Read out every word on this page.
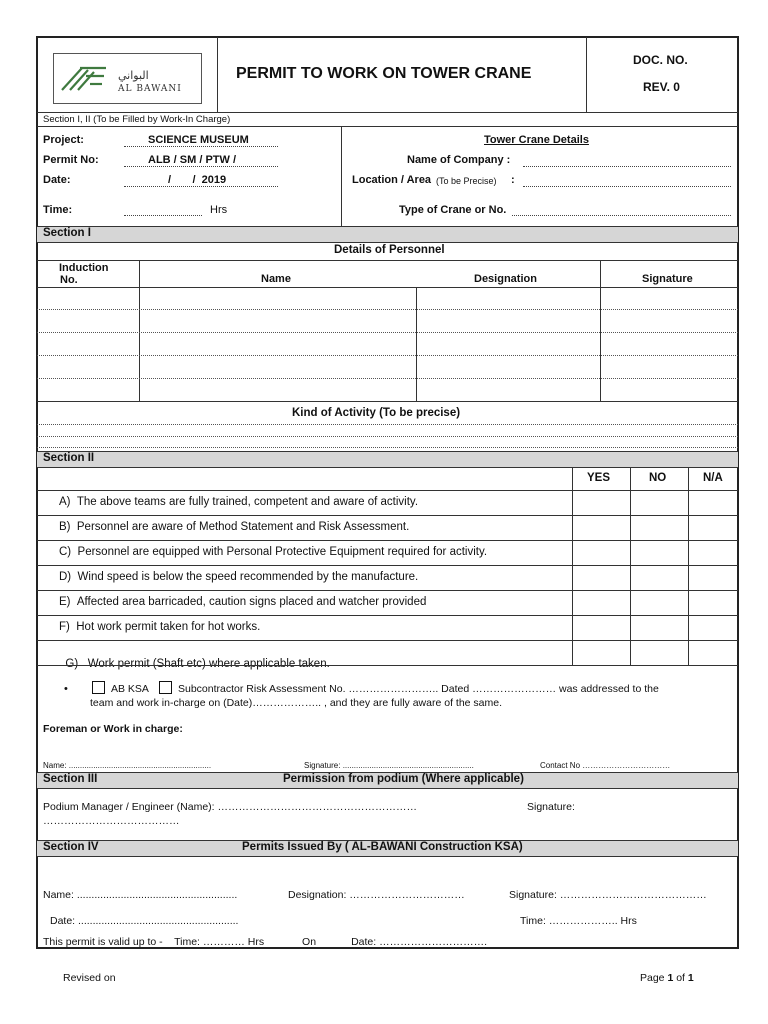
البواني
AL BAWANI
PERMIT TO WORK ON TOWER CRANE
DOC. NO.
REV. 0
Section I, II (To be Filled by Work-In Charge)
Project:	SCIENCE MUSEUM
Permit No:	ALB / SM / PTW /
Date:	/       /  2019
Time:	Hrs
Tower Crane Details
Name of Company :
Location / Area (To be Precise) :
Type of Crane or No.
Section I
Details of Personnel
Induction
No.	Name	Designation	Signature
Kind of Activity (To be precise)
Section II
YES	NO	N/A
A) The above teams are fully trained, competent and aware of activity.
B) Personnel are aware of Method Statement and Risk Assessment.
C) Personnel are equipped with Personal Protective Equipment required for activity.
D) Wind speed is below the speed recommended by the manufacture.
E) Affected area barricaded, caution signs placed and watcher provided
F) Hot work permit taken for hot works.

G)   Work permit (Shaft etc) where applicable taken.

•	AB KSA	Subcontractor Risk Assessment No. …………………….. Dated …………………… was addressed to the
team and work in-charge on (Date)……………….. , and they are fully aware of the same.
Foreman or Work in charge:
Name: ................................................................	Signature: ...........................................................	Contact No ……………………………
Section III	Permission from podium (Where applicable)
Podium Manager / Engineer (Name): …………………………………………………	Signature:
…………………………………
Section IV	Permits Issued By ( AL-BAWANI Construction KSA)
Name: .......................................................	Designation: ……………………………	Signature: ……………………………………
Date: .......................................................	Time: ……………….. Hrs
This permit is valid up to -    Time: ………… Hrs             On            Date: ………………………….
Revised on	Page 1 of 1
